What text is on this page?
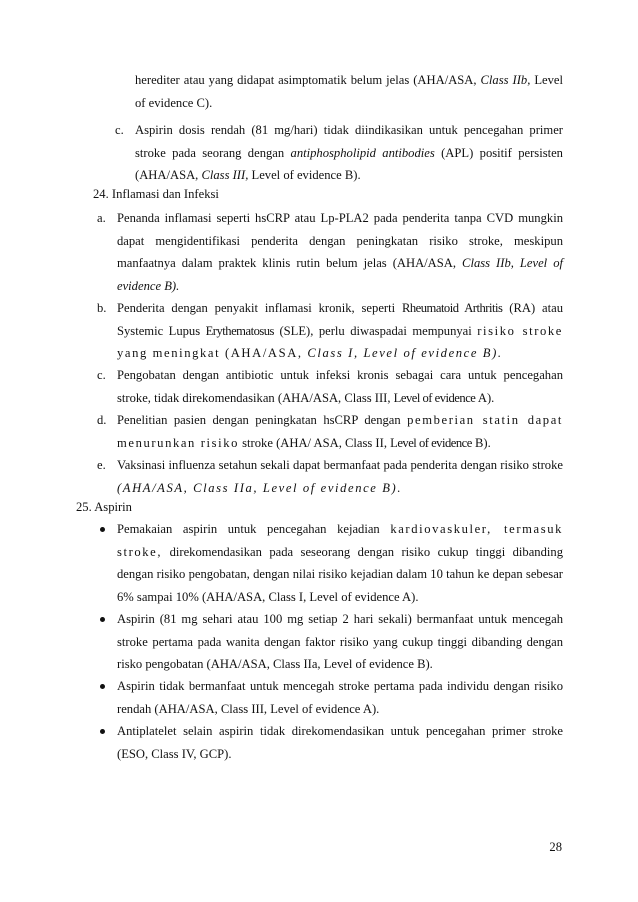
herediter atau yang didapat asimptomatik belum jelas (AHA/ASA, Class IIb, Level of evidence C).

c. Aspirin dosis rendah (81 mg/hari) tidak diindikasikan untuk pencegahan primer stroke pada seorang dengan antiphospholipid antibodies (APL) positif persisten (AHA/ASA, Class III, Level of evidence B).

24. Inflamasi dan Infeksi
a. Penanda inflamasi seperti hsCRP atau Lp-PLA2 pada penderita tanpa CVD mungkin dapat mengidentifikasi penderita dengan peningkatan risiko stroke, meskipun manfaatnya dalam praktek klinis rutin belum jelas (AHA/ASA, Class IIb, Level of evidence B).

b. Penderita dengan penyakit inflamasi kronik, seperti Rheumatoid Arthritis (RA) atau Systemic Lupus Erythematosus (SLE), perlu diwaspadai mempunyai risiko stroke yang meningkat (AHA/ASA, Class I, Level of evidence B).

c. Pengobatan dengan antibiotic untuk infeksi kronis sebagai cara untuk pencegahan stroke, tidak direkomendasikan (AHA/ASA, Class III, Level of evidence A).

d. Penelitian pasien dengan peningkatan hsCRP dengan pemberian statin dapat menurunkan risiko stroke (AHA/ ASA, Class II, Level of evidence B).

e. Vaksinasi influenza setahun sekali dapat bermanfaat pada penderita dengan risiko stroke (AHA/ASA, Class IIa, Level of evidence B).

25. Aspirin

Pemakaian aspirin untuk pencegahan kejadian kardiovaskuler, termasuk stroke, direkomendasikan pada seseorang dengan risiko cukup tinggi dibanding dengan risiko pengobatan, dengan nilai risiko kejadian dalam 10 tahun ke depan sebesar 6% sampai 10% (AHA/ASA, Class I, Level of evidence A).

Aspirin (81 mg sehari atau 100 mg setiap 2 hari sekali) bermanfaat untuk mencegah stroke pertama pada wanita dengan faktor risiko yang cukup tinggi dibanding dengan risko pengobatan (AHA/ASA, Class IIa, Level of evidence B).

Aspirin tidak bermanfaat untuk mencegah stroke pertama pada individu dengan risiko rendah (AHA/ASA, Class III, Level of evidence A).

Antiplatelet selain aspirin tidak direkomendasikan untuk pencegahan primer stroke (ESO, Class IV, GCP).

28
